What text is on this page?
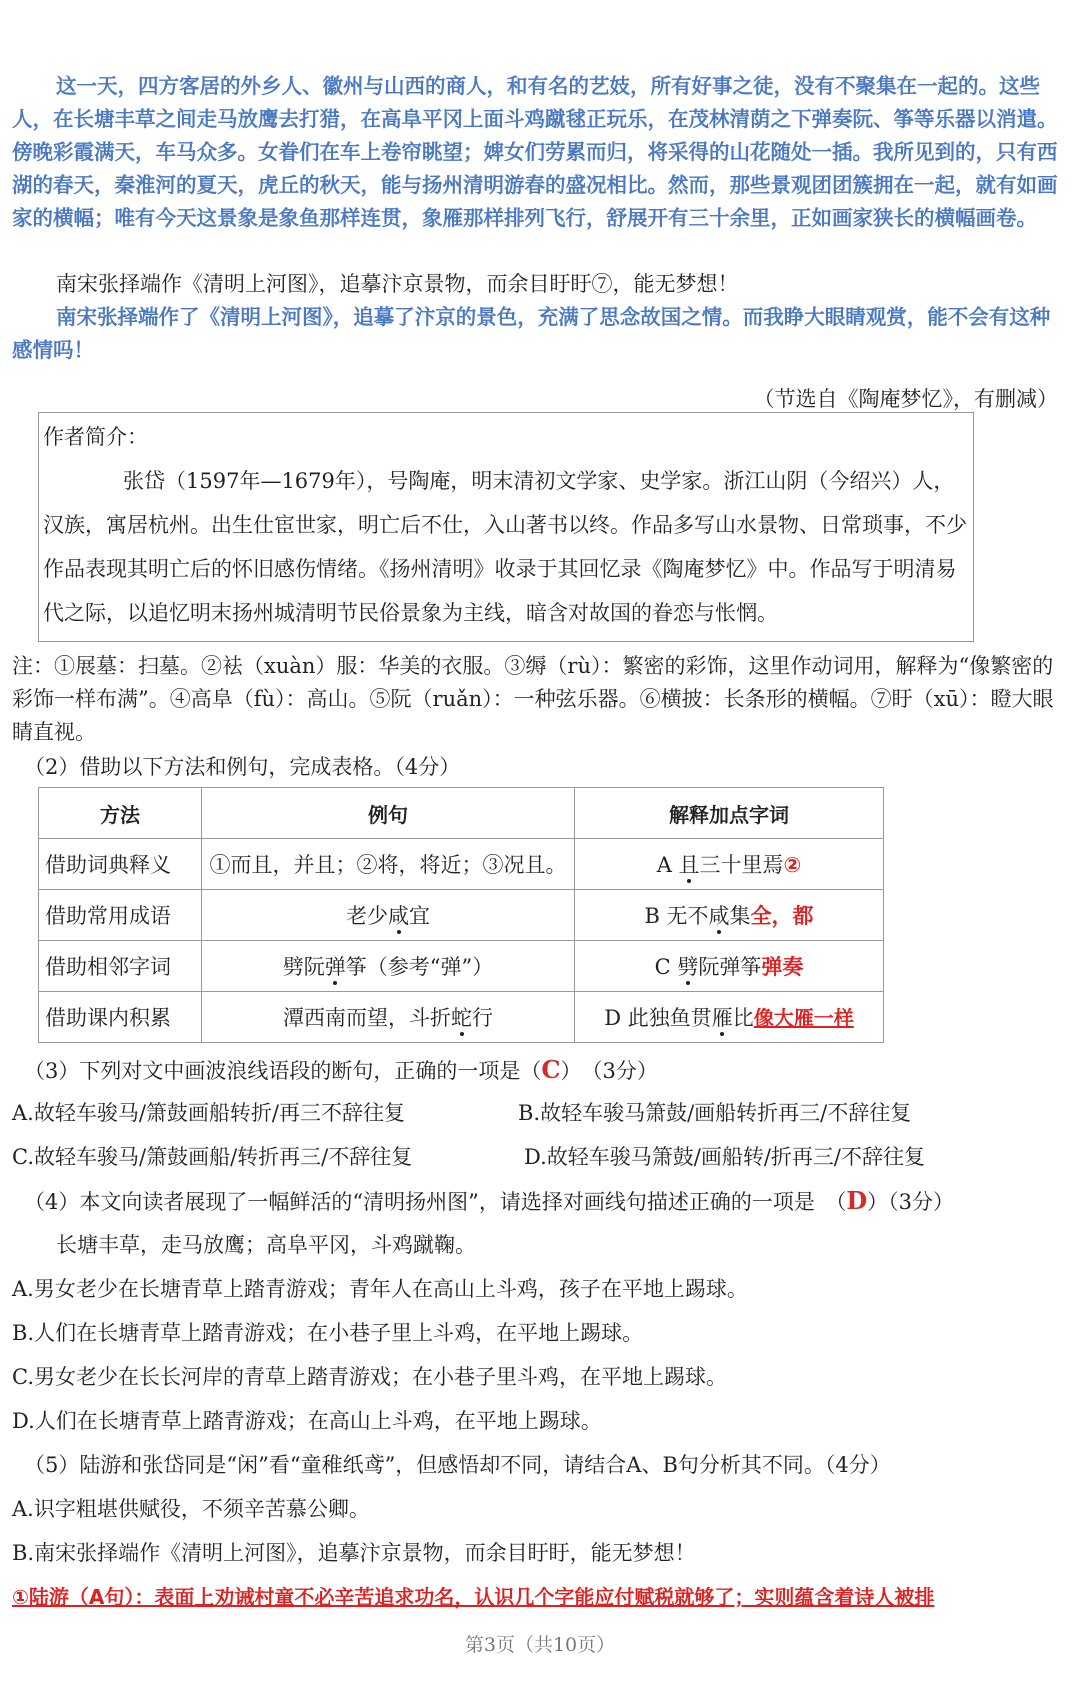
这一天，四方客居的外乡人、徽州与山西的商人，和有名的艺妓，所有好事之徒，没有不聚集在一起的。这些人，在长塘丰草之间走马放鹰去打猎，在高阜平冈上面斗鸡蹴毬正玩乐，在茂林清荫之下弹奏阮、筝等乐器以消遣。傍晚彩霞满天，车马众多。女眷们在车上卷帘眺望；婢女们劳累而归，将采得的山花随处一插。我所见到的，只有西湖的春天，秦淮河的夏天，虎丘的秋天，能与扬州清明游春的盛况相比。然而，那些景观团团簇拥在一起，就有如画家的横幅；唯有今天这景象是象鱼那样连贯，象雁那样排列飞行，舒展开有三十余里，正如画家狭长的横幅画卷。

南宋张择端作《清明上河图》，追摹汴京景物，而余目盱盱⑦，能无梦想！

南宋张择端作了《清明上河图》，追摹了汴京的景色，充满了思念故国之情。而我睁大眼睛观赏，能不会有这种感情吗！

（节选自《陶庵梦忆》，有删减）

作者简介：

张岱（1597年—1679年），号陶庵，明末清初文学家、史学家。浙江山阴（今绍兴）人，汉族，寓居杭州。出生仕宦世家，明亡后不仕，入山著书以终。作品多写山水景物、日常琐事，不少作品表现其明亡后的怀旧感伤情绪。《扬州清明》收录于其回忆录《陶庵梦忆》中。作品写于明清易代之际，以追忆明末扬州城清明节民俗景象为主线，暗含对故国的眷恋与怅惘。

注：①展墓：扫墓。②袪（xuàn）服：华美的衣服。③缛（rù）：繁密的彩饰，这里作动词用，解释为“像繁密的彩饰一样布满”。④高阜（fù）：高山。⑤阮（ruǎn）：一种弦乐器。⑥横披：长条形的横幅。⑦盱（xū）：瞪大眼睛直视。

（2）借助以下方法和例句，完成表格。（4分）
方法	例句	解释加点字词
借助词典释义	①而且，并且；②将，将近；③况且。	A 且三十里焉②
借助常用成语	老少咸宜	B 无不咸集全，都
借助相邻字词	劈阮弹筝（参考“弹”）	C 劈阮弹筝弹奏
借助课内积累	潭西南而望，斗折蛇行	D 此独鱼贯雁比像大雁一样
（3）下列对文中画波浪线语段的断句，正确的一项是（C）　（3分）
A.故轻车骏马/箫鼓画船转折/再三不辞往复	B.故轻车骏马箫鼓/画船转折再三/不辞往复
C.故轻车骏马/箫鼓画船/转折再三/不辞往复	D.故轻车骏马箫鼓/画船转/折再三/不辞往复
（4）本文向读者展现了一幅鲜活的“清明扬州图”，请选择对画线句描述正确的一项是　（D）（3分）
长塘丰草，走马放鹰；高阜平冈，斗鸡蹴鞠。
A.男女老少在长塘青草上踏青游戏；青年人在高山上斗鸡，孩子在平地上踢球。
B.人们在长塘青草上踏青游戏；在小巷子里上斗鸡，在平地上踢球。
C.男女老少在长长河岸的青草上踏青游戏；在小巷子里斗鸡，在平地上踢球。
D.人们在长塘青草上踏青游戏；在高山上斗鸡，在平地上踢球。
（5）陆游和张岱同是“闲”看“童稚纸鸢”，但感悟却不同，请结合A、B句分析其不同。（4分）
A.识字粗堪供赋役，不须辛苦慕公卿。
B.南宋张择端作《清明上河图》，追摹汴京景物，而余目盱盱，能无梦想！
①陆游（A句）：表面上劝诫村童不必辛苦追求功名，认识几个字能应付赋税就够了；实则蕴含着诗人被排
第3页（共10页）
